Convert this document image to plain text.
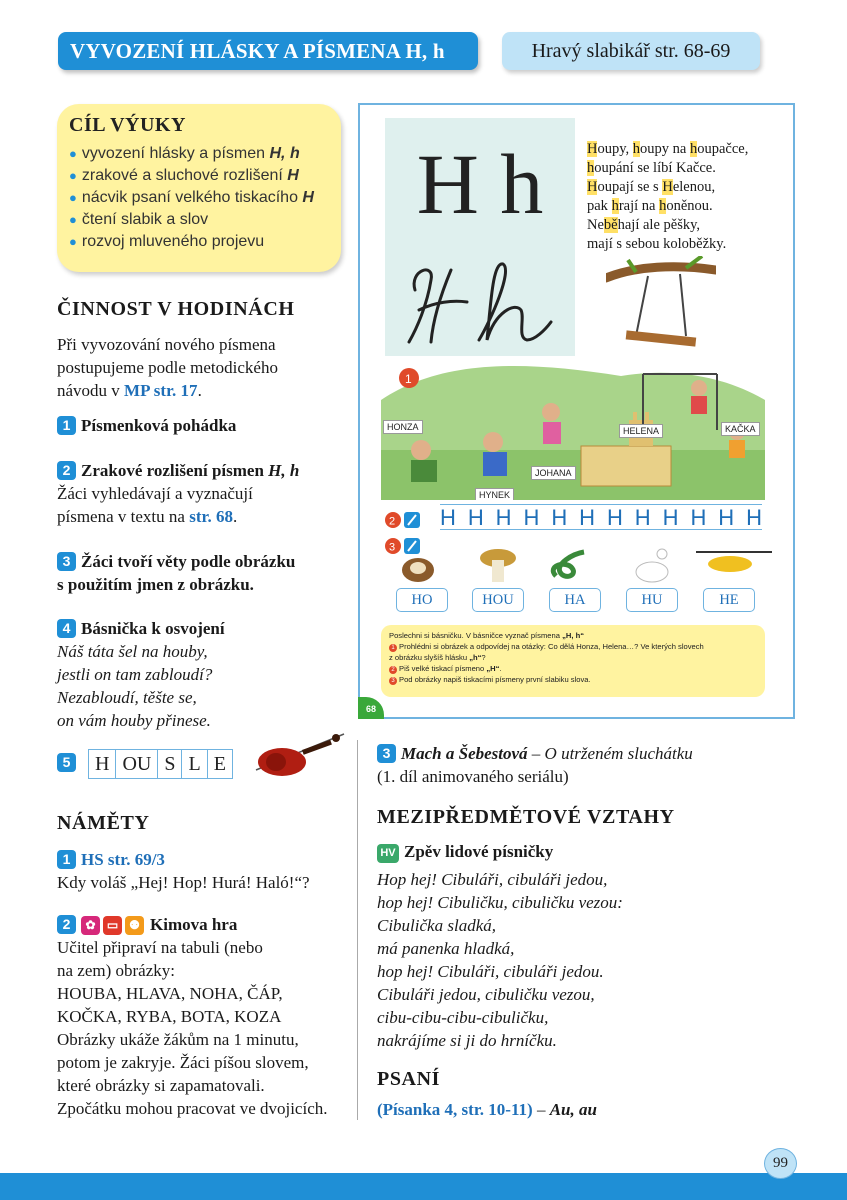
VYVOZENÍ HLÁSKY A PÍSMENA H, h	Hravý slabikář str. 68-69
CÍL VÝUKY
● vyvození hlásky a písmen H, h
● zrakové a sluchové rozlišení H
● nácvik psaní velkého tiskacího H
● čtení slabik a slov
● rozvoj mluveného projevu
ČINNOST V HODINÁCH
Při vyvozování nového písmena
postupujeme podle metodického
návodu v MP str. 17.
1 Písmenková pohádka
2 Zrakové rozlišení písmen H, h
Žáci vyhledávají a vyznačují
písmena v textu na str. 68.
3 Žáci tvoří věty podle obrázku
s použitím jmen z obrázku.
4 Básnička k osvojení
Náš táta šel na houby,
jestli on tam zabloudí?
Nezabloudí, těšte se,
on vám houby přinese.
5 H OU S L E
NÁMĚTY
1 HS str. 69/3
Kdy voláš „Hej! Hop! Hurá! Haló!“?
2 ✿ ▭ ⚉ Kimova hra
Učitel připraví na tabuli (nebo
na zem) obrázky:
HOUBA, HLAVA, NOHA, ČÁP,
KOČKA, RYBA, BOTA, KOZA
Obrázky ukáže žákům na 1 minutu,
potom je zakryje. Žáci píšou slovem,
které obrázky si zapamatovali.
Zpočátku mohou pracovat ve dvojicích.
H h	Houpy, houpy na houpačce,
houpání se líbí Kačce.
Houpají se s Helenou,
pak hrají na honěnou.
Neběhají ale pěšky,
mají s sebou koloběžky.
1
HONZA	HELENA	KAČKA
JOHANA
HYNEK
2 H H H H H H H H H H H H
3
HO	HOU	HA	HU	HE
Poslechni si básničku. V básničce vyznač písmena „H, h“
1 Prohlédni si obrázek a odpovídej na otázky: Co dělá Honza, Helena…? Ve kterých slovech
z obrázku slyšíš hlásku „h“?
2 Piš velké tiskací písmeno „H“.
3 Pod obrázky napiš tiskacími písmeny první slabiku slova.
68
3 Mach a Šebestová – O utrženém sluchátku
(1. díl animovaného seriálu)
MEZIPŘEDMĚTOVÉ VZTAHY
HV Zpěv lidové písničky
Hop hej! Cibuláři, cibuláři jedou,
hop hej! Cibuličku, cibuličku vezou:
Cibulička sladká,
má panenka hladká,
hop hej! Cibuláři, cibuláři jedou.
Cibuláři jedou, cibuličku vezou,
cibu-cibu-cibu-cibuličku,
nakrájíme si ji do hrníčku.
PSANÍ
(Písanka 4, str. 10-11) – Au, au
99
